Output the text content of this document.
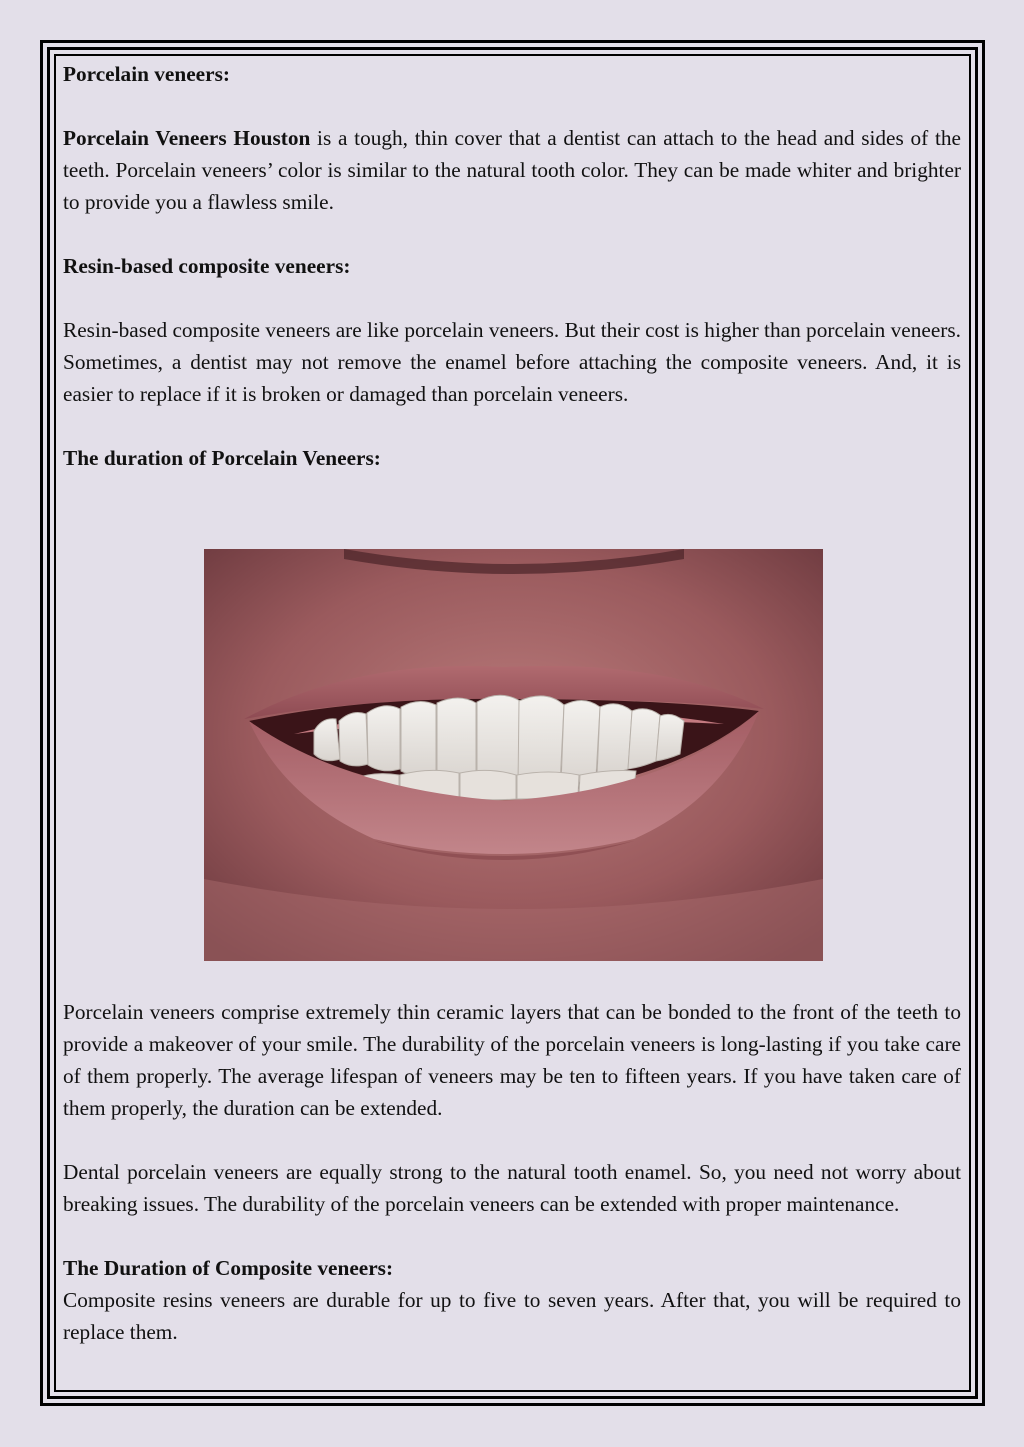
Porcelain veneers:

Porcelain Veneers Houston is a tough, thin cover that a dentist can attach to the head and sides of the teeth. Porcelain veneers’ color is similar to the natural tooth color. They can be made whiter and brighter to provide you a flawless smile.

Resin-based composite veneers:

Resin-based composite veneers are like porcelain veneers. But their cost is higher than porcelain veneers. Sometimes, a dentist may not remove the enamel before attaching the composite veneers. And, it is easier to replace if it is broken or damaged than porcelain veneers.

The duration of Porcelain Veneers:

Porcelain veneers comprise extremely thin ceramic layers that can be bonded to the front of the teeth to provide a makeover of your smile. The durability of the porcelain veneers is long-lasting if you take care of them properly. The average lifespan of veneers may be ten to fifteen years. If you have taken care of them properly, the duration can be extended.

Dental porcelain veneers are equally strong to the natural tooth enamel. So, you need not worry about breaking issues. The durability of the porcelain veneers can be extended with proper maintenance.

The Duration of Composite veneers:

Composite resins veneers are durable for up to five to seven years. After that, you will be required to replace them.
